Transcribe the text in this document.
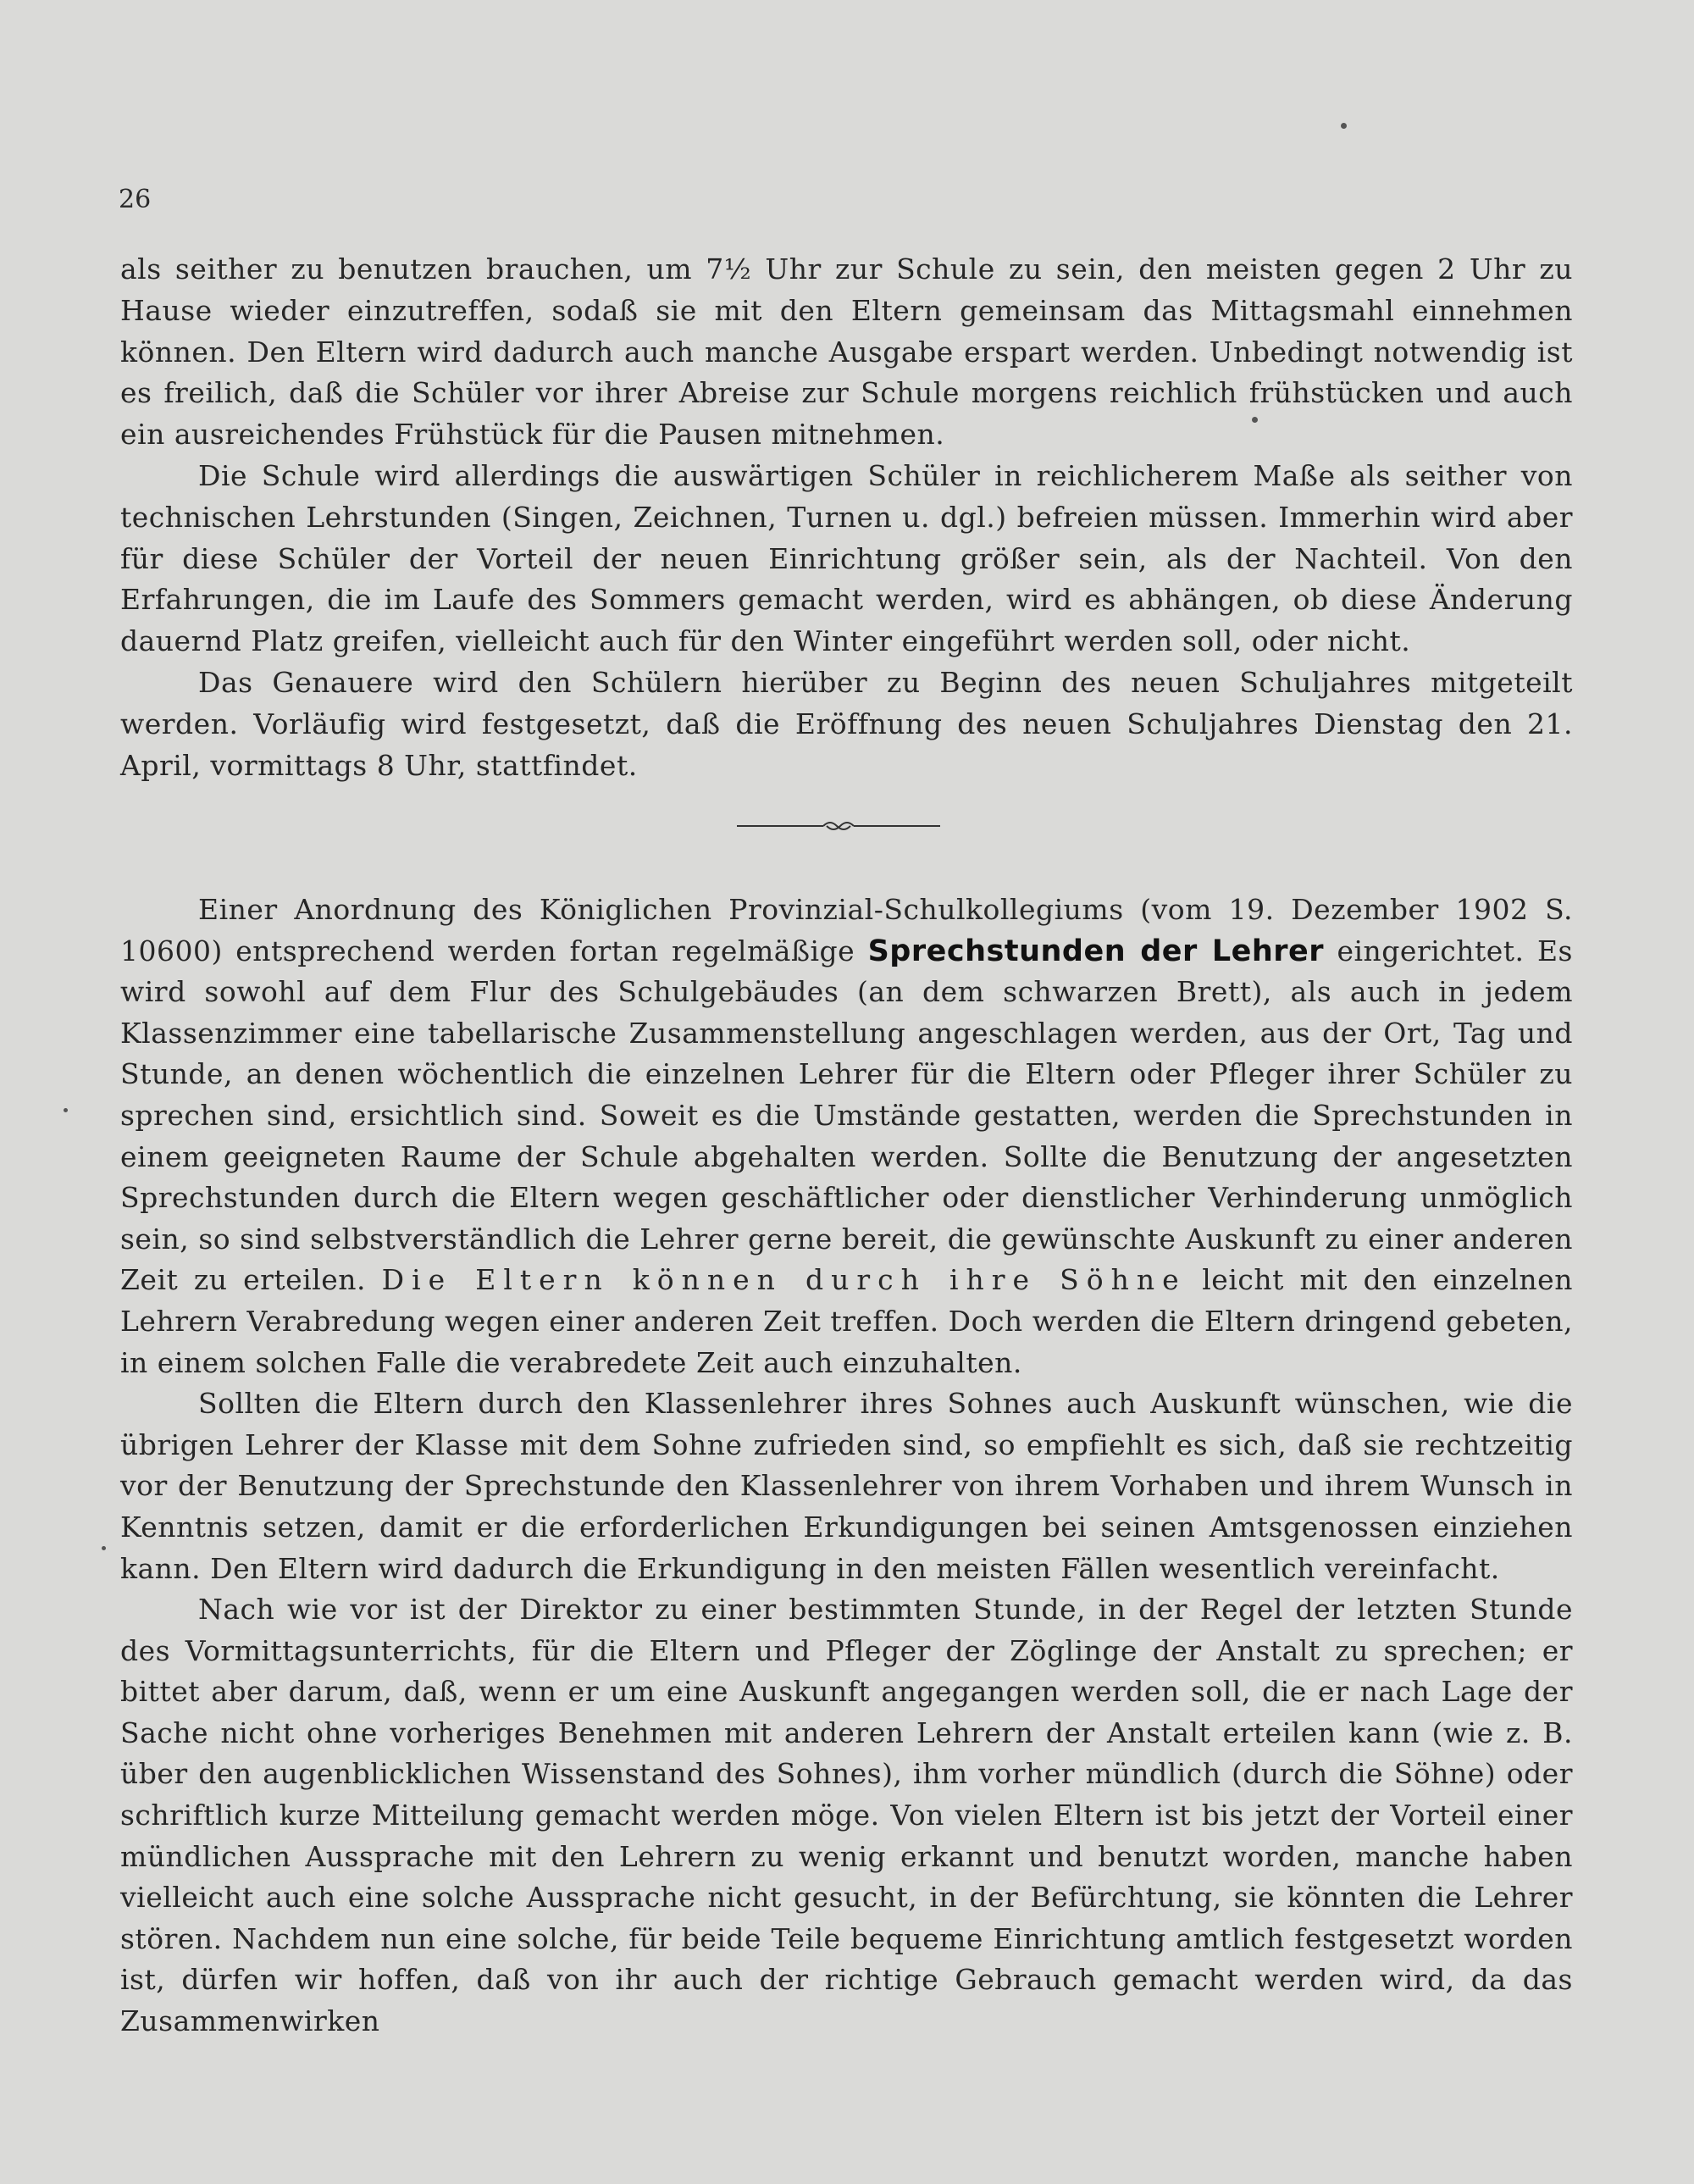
26

als seither zu benutzen brauchen, um 7½ Uhr zur Schule zu sein, den meisten gegen 2 Uhr zu Hause wieder einzutreffen, sodaß sie mit den Eltern gemeinsam das Mittagsmahl einnehmen können. Den Eltern wird dadurch auch manche Ausgabe erspart werden. Unbedingt notwendig ist es freilich, daß die Schüler vor ihrer Abreise zur Schule morgens reichlich frühstücken und auch ein ausreichendes Frühstück für die Pausen mitnehmen.

Die Schule wird allerdings die auswärtigen Schüler in reichlicherem Maße als seither von technischen Lehrstunden (Singen, Zeichnen, Turnen u. dgl.) befreien müssen. Immerhin wird aber für diese Schüler der Vorteil der neuen Einrichtung größer sein, als der Nachteil. Von den Erfahrungen, die im Laufe des Sommers gemacht werden, wird es abhängen, ob diese Änderung dauernd Platz greifen, vielleicht auch für den Winter eingeführt werden soll, oder nicht.

Das Genauere wird den Schülern hierüber zu Beginn des neuen Schuljahres mitgeteilt werden. Vorläufig wird festgesetzt, daß die Eröffnung des neuen Schuljahres Dienstag den 21. April, vormittags 8 Uhr, stattfindet.

Einer Anordnung des Königlichen Provinzial-Schulkollegiums (vom 19. Dezember 1902 S. 10600) entsprechend werden fortan regelmäßige Sprechstunden der Lehrer eingerichtet. Es wird sowohl auf dem Flur des Schulgebäudes (an dem schwarzen Brett), als auch in jedem Klassenzimmer eine tabellarische Zusammenstellung angeschlagen werden, aus der Ort, Tag und Stunde, an denen wöchentlich die einzelnen Lehrer für die Eltern oder Pfleger ihrer Schüler zu sprechen sind, ersichtlich sind. Soweit es die Umstände gestatten, werden die Sprechstunden in einem geeigneten Raume der Schule abgehalten werden. Sollte die Benutzung der angesetzten Sprechstunden durch die Eltern wegen geschäftlicher oder dienstlicher Verhinderung unmöglich sein, so sind selbstverständlich die Lehrer gerne bereit, die gewünschte Auskunft zu einer anderen Zeit zu erteilen. Die Eltern können durch ihre Söhne leicht mit den einzelnen Lehrern Verabredung wegen einer anderen Zeit treffen. Doch werden die Eltern dringend gebeten, in einem solchen Falle die verabredete Zeit auch einzuhalten.

Sollten die Eltern durch den Klassenlehrer ihres Sohnes auch Auskunft wünschen, wie die übrigen Lehrer der Klasse mit dem Sohne zufrieden sind, so empfiehlt es sich, daß sie rechtzeitig vor der Benutzung der Sprechstunde den Klassenlehrer von ihrem Vorhaben und ihrem Wunsch in Kenntnis setzen, damit er die erforderlichen Erkundigungen bei seinen Amtsgenossen einziehen kann. Den Eltern wird dadurch die Erkundigung in den meisten Fällen wesentlich vereinfacht.

Nach wie vor ist der Direktor zu einer bestimmten Stunde, in der Regel der letzten Stunde des Vormittagsunterrichts, für die Eltern und Pfleger der Zöglinge der Anstalt zu sprechen; er bittet aber darum, daß, wenn er um eine Auskunft angegangen werden soll, die er nach Lage der Sache nicht ohne vorheriges Benehmen mit anderen Lehrern der Anstalt erteilen kann (wie z. B. über den augenblicklichen Wissenstand des Sohnes), ihm vorher mündlich (durch die Söhne) oder schriftlich kurze Mitteilung gemacht werden möge. Von vielen Eltern ist bis jetzt der Vorteil einer mündlichen Aussprache mit den Lehrern zu wenig erkannt und benutzt worden, manche haben vielleicht auch eine solche Aussprache nicht gesucht, in der Befürchtung, sie könnten die Lehrer stören. Nachdem nun eine solche, für beide Teile bequeme Einrichtung amtlich festgesetzt worden ist, dürfen wir hoffen, daß von ihr auch der richtige Gebrauch gemacht werden wird, da das Zusammenwirken
